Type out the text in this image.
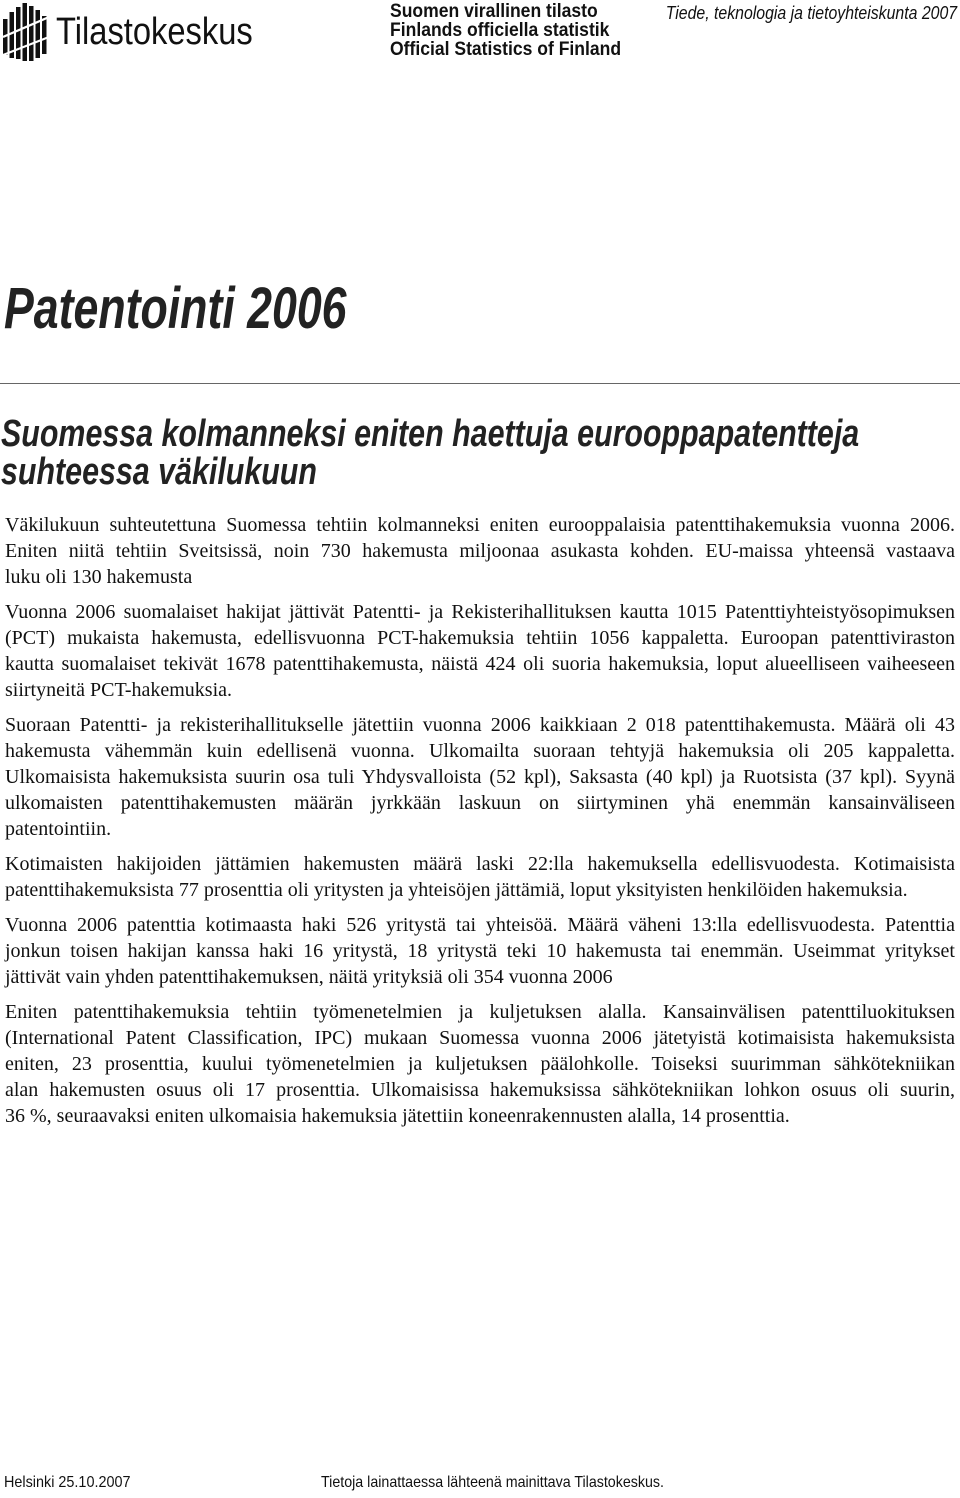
Tilastokeskus	Suomen virallinen tilasto
Finlands officiella statistik
Official Statistics of Finland
Tiede, teknologia ja tietoyhteiskunta 2007
Patentointi 2006
Suomessa kolmanneksi eniten haettuja eurooppapatentteja suhteessa väkilukuun
Väkilukuun suhteutettuna Suomessa tehtiin kolmanneksi eniten eurooppalaisia patenttihakemuksia vuonna 2006.
Eniten niitä tehtiin Sveitsissä, noin 730 hakemusta miljoonaa asukasta kohden. EU-maissa yhteensä vastaava
luku oli 130 hakemusta
Vuonna 2006 suomalaiset hakijat jättivät Patentti- ja Rekisterihallituksen kautta 1015 Patenttiyhteistyösopimuksen
(PCT) mukaista hakemusta, edellisvuonna PCT-hakemuksia tehtiin 1056 kappaletta. Euroopan patenttiviraston
kautta suomalaiset tekivät 1678 patenttihakemusta, näistä 424 oli suoria hakemuksia, loput alueelliseen vaiheeseen
siirtyneitä PCT-hakemuksia.
Suoraan Patentti- ja rekisterihallitukselle jätettiin vuonna 2006 kaikkiaan 2 018 patenttihakemusta. Määrä oli 43
hakemusta vähemmän kuin edellisenä vuonna. Ulkomailta suoraan tehtyjä hakemuksia oli 205 kappaletta.
Ulkomaisista hakemuksista suurin osa tuli Yhdysvalloista (52 kpl), Saksasta (40 kpl) ja Ruotsista (37 kpl). Syynä
ulkomaisten patenttihakemusten määrän jyrkkään laskuun on siirtyminen yhä enemmän kansainväliseen
patentointiin.
Kotimaisten hakijoiden jättämien hakemusten määrä laski 22:lla hakemuksella edellisvuodesta. Kotimaisista
patenttihakemuksista 77 prosenttia oli yritysten ja yhteisöjen jättämiä, loput yksityisten henkilöiden hakemuksia.
Vuonna 2006 patenttia kotimaasta haki 526 yritystä tai yhteisöä. Määrä väheni 13:lla edellisvuodesta. Patenttia
jonkun toisen hakijan kanssa haki 16 yritystä, 18 yritystä teki 10 hakemusta tai enemmän. Useimmat yritykset
jättivät vain yhden patenttihakemuksen, näitä yrityksiä oli 354 vuonna 2006
Eniten patenttihakemuksia tehtiin työmenetelmien ja kuljetuksen alalla. Kansainvälisen patenttiluokituksen
(International Patent Classification, IPC) mukaan Suomessa vuonna 2006 jätetyistä kotimaisista hakemuksista
eniten, 23 prosenttia, kuului työmenetelmien ja kuljetuksen päälohkolle. Toiseksi suurimman sähkötekniikan
alan hakemusten osuus oli 17 prosenttia. Ulkomaisissa hakemuksissa sähkötekniikan lohkon osuus oli suurin,
36 %, seuraavaksi eniten ulkomaisia hakemuksia jätettiin koneenrakennusten alalla, 14 prosenttia.
Helsinki 25.10.2007	Tietoja lainattaessa lähteenä mainittava Tilastokeskus.
